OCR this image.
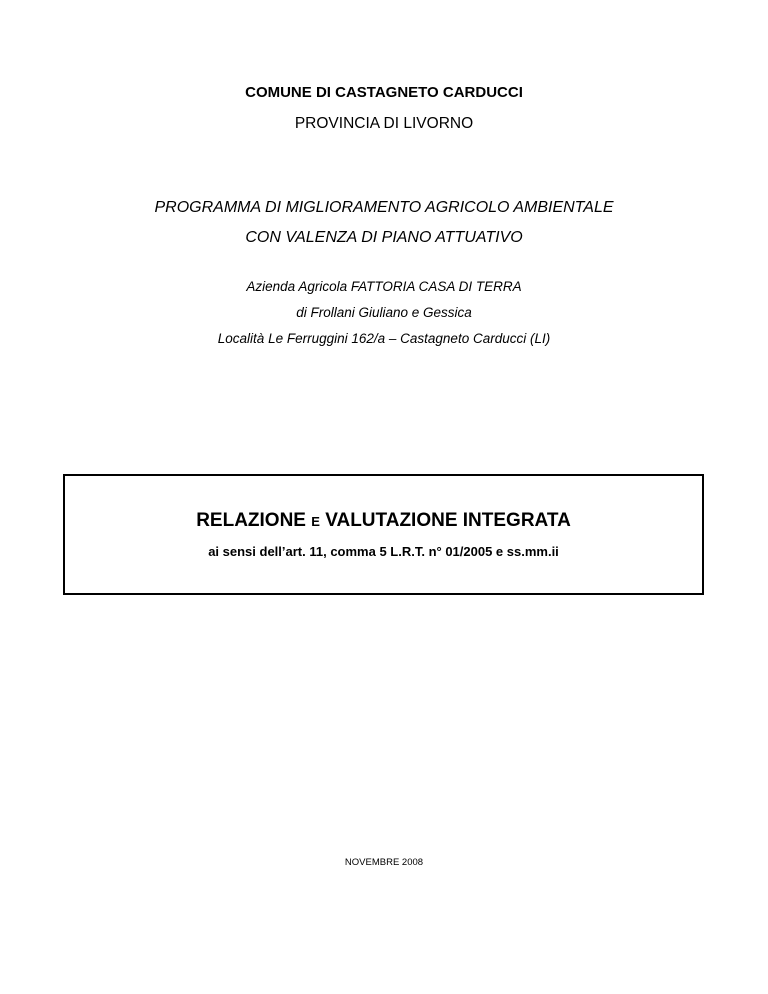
COMUNE DI CASTAGNETO CARDUCCI
PROVINCIA DI LIVORNO
PROGRAMMA DI MIGLIORAMENTO AGRICOLO AMBIENTALE
CON VALENZA DI PIANO ATTUATIVO
Azienda Agricola FATTORIA CASA DI TERRA
di Frollani Giuliano e Gessica
Località Le Ferruggini 162/a – Castagneto Carducci (LI)
RELAZIONE E VALUTAZIONE INTEGRATA
ai sensi dell’art. 11, comma 5 L.R.T. n° 01/2005 e ss.mm.ii
NOVEMBRE 2008
